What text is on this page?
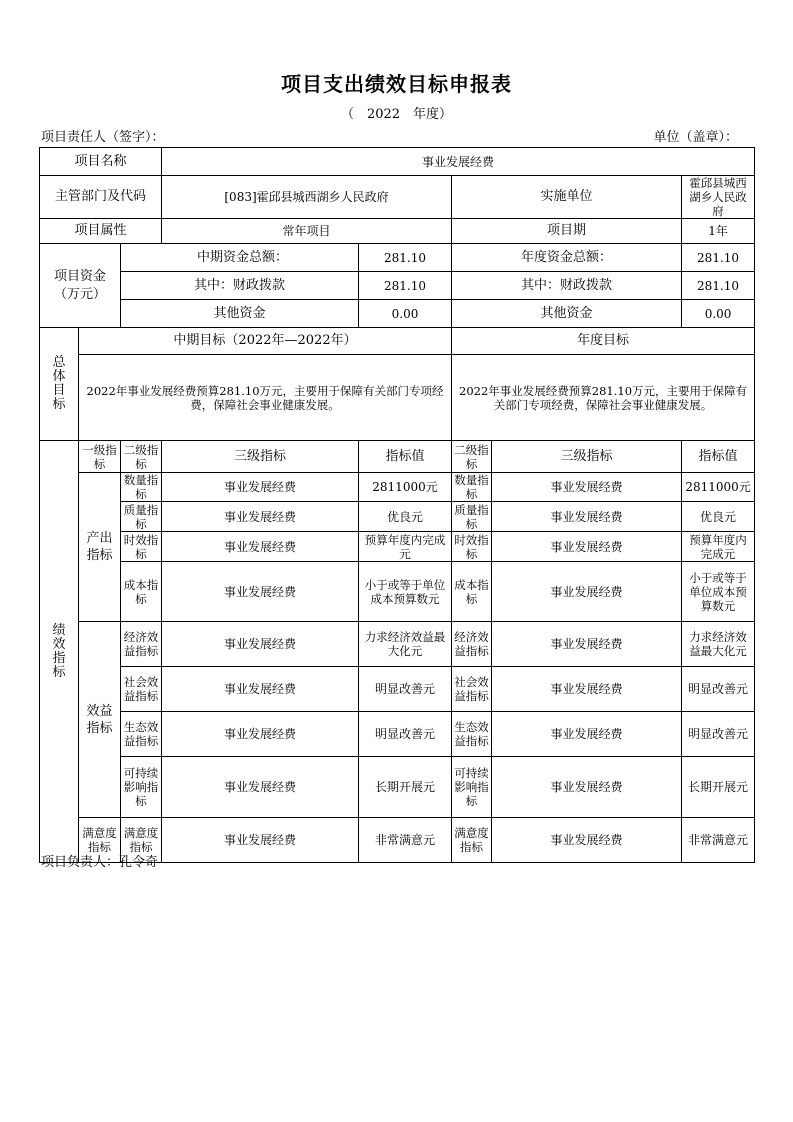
项目支出绩效目标申报表
（　2022　年度）
项目责任人（签字）：	单位（盖章）：
项目名称			事业发展经费				
主管部门及代码			[083]霍邱县城西湖乡人民政府		实施单位		霍邱县城西湖乡人民政府
项目属性			常年项目		项目期		1年
项目资金（万元）		中期资金总额：		281.10	年度资金总额：		281.10
		其中：财政拨款		281.10	其中：财政拨款		281.10
		其他资金		0.00	其他资金		0.00
总体目标	中期目标（2022年—2022年）				年度目标		
	2022年事业发展经费预算281.10万元，主要用于保障有关部门专项经费，保障社会事业健康发展。				2022年事业发展经费预算281.10万元，主要用于保障有关部门专项经费，保障社会事业健康发展。		
绩效指标	一级指标	二级指标	三级指标	指标值	二级指标	三级指标	指标值
	产出指标	数量指标	事业发展经费	2811000元	数量指标	事业发展经费	2811000元
		质量指标	事业发展经费	优良元	质量指标	事业发展经费	优良元
		时效指标	事业发展经费	预算年度内完成元	时效指标	事业发展经费	预算年度内完成元
		成本指标	事业发展经费	小于或等于单位成本预算数元	成本指标	事业发展经费	小于或等于单位成本预算数元
	效益指标	经济效益指标	事业发展经费	力求经济效益最大化元	经济效益指标	事业发展经费	力求经济效益最大化元
		社会效益指标	事业发展经费	明显改善元	社会效益指标	事业发展经费	明显改善元
		生态效益指标	事业发展经费	明显改善元	生态效益指标	事业发展经费	明显改善元
		可持续影响指标	事业发展经费	长期开展元	可持续影响指标	事业发展经费	长期开展元
	满意度指标	满意度指标	事业发展经费	非常满意元	满意度指标	事业发展经费	非常满意元
项目负责人：孔令奇
